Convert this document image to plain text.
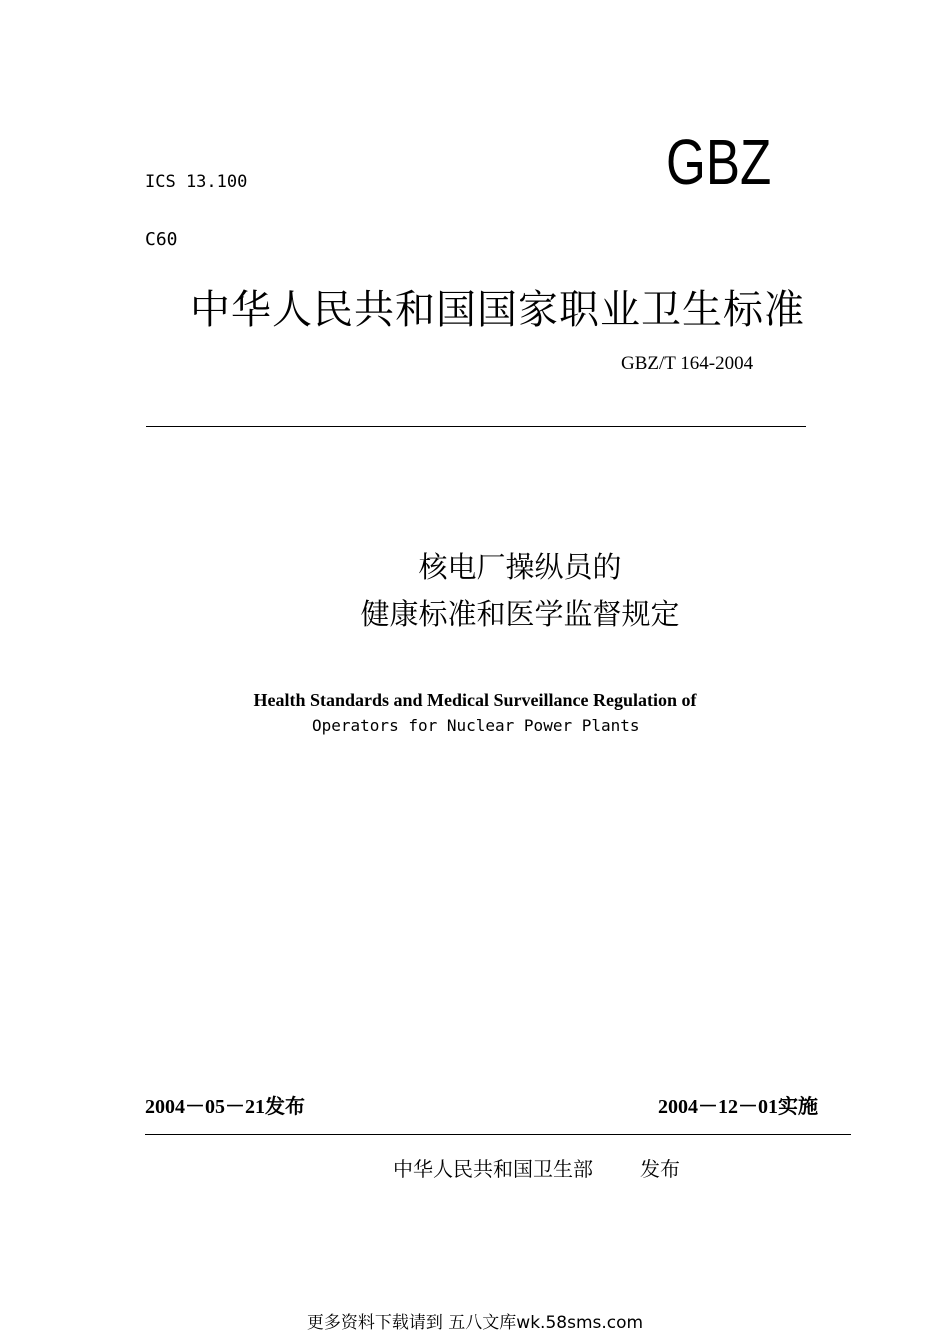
ICS 13.100	GBZ
C60
中华人民共和国国家职业卫生标准
GBZ/T 164-2004
核电厂操纵员的
健康标准和医学监督规定
Health Standards and Medical Surveillance Regulation of
Operators for Nuclear Power Plants
2004－05－21发布	2004－12－01实施
中华人民共和国卫生部 发布
更多资料下载请到 五八文库wk.58sms.com
